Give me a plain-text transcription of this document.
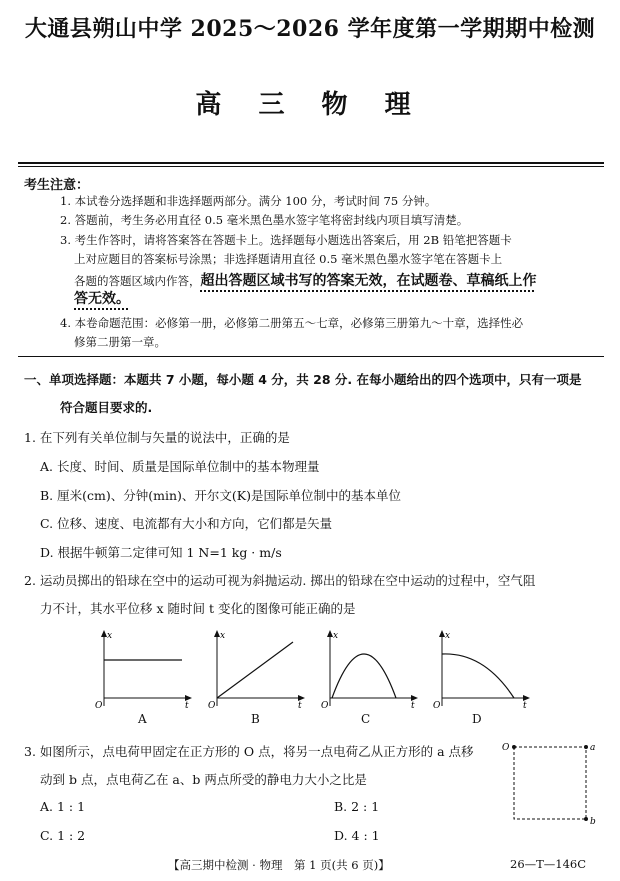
大通县朔山中学 2025～2026 学年度第一学期期中检测
高 三 物 理
考生注意：
1. 本试卷分选择题和非选择题两部分。满分 100 分，考试时间 75 分钟。
2. 答题前，考生务必用直径 0.5 毫米黑色墨水签字笔将密封线内项目填写清楚。
3. 考生作答时，请将答案答在答题卡上。选择题每小题选出答案后，用 2B 铅笔把答题卡
上对应题目的答案标号涂黑；非选择题请用直径 0.5 毫米黑色墨水签字笔在答题卡上
各题的答题区域内作答，超出答题区域书写的答案无效，在试题卷、草稿纸上作
答无效。
4. 本卷命题范围：必修第一册，必修第二册第五～七章，必修第三册第九～十章，选择性必
修第二册第一章。
一、单项选择题：本题共 7 小题，每小题 4 分，共 28 分. 在每小题给出的四个选项中，只有一项是
符合题目要求的.
1. 在下列有关单位制与矢量的说法中，正确的是
A. 长度、时间、质量是国际单位制中的基本物理量
B. 厘米(cm)、分钟(min)、开尔文(K)是国际单位制中的基本单位
C. 位移、速度、电流都有大小和方向，它们都是矢量
D. 根据牛顿第二定律可知 1 N=1 kg · m/s
2. 运动员掷出的铅球在空中的运动可视为斜抛运动. 掷出的铅球在空中运动的过程中，空气阻
力不计，其水平位移 x 随时间 t 变化的图像可能正确的是
x
O	t
A
x
O	t
B
x
O	t
C
x
O	t
D
3. 如图所示，点电荷甲固定在正方形的 O 点，将另一点电荷乙从正方形的 a 点移
动到 b 点，点电荷乙在 a、b 两点所受的静电力大小之比是
A. 1 : 1	B. 2 : 1
C. 1 : 2	D. 4 : 1
O	a
b
【高三期中检测 · 物理　第 1 页(共 6 页)】	26—T—146C
